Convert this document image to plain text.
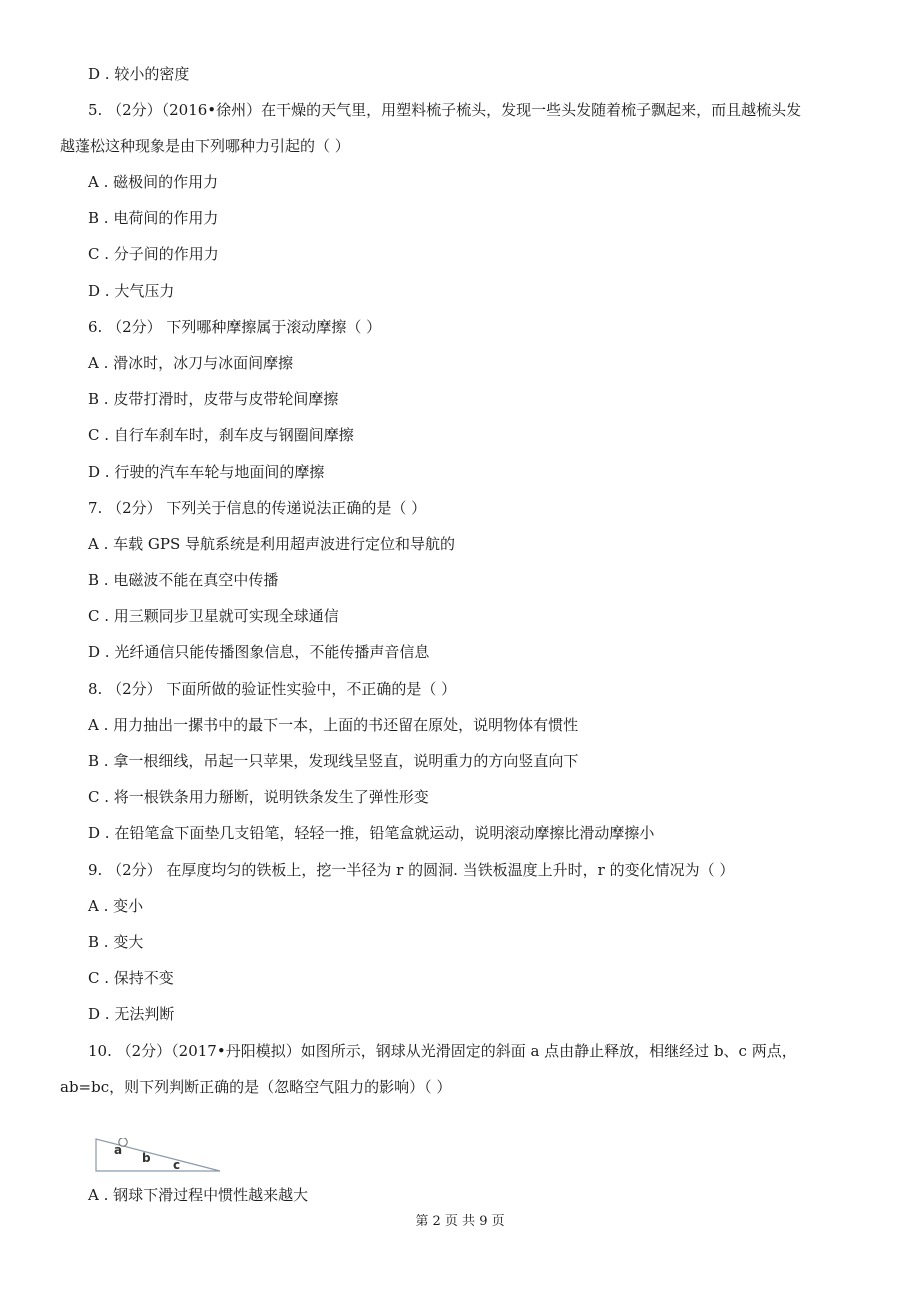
D . 较小的密度
5. （2分）（2016•徐州）在干燥的天气里，用塑料梳子梳头，发现一些头发随着梳子飘起来，而且越梳头发
越蓬松这种现象是由下列哪种力引起的（ ）
A . 磁极间的作用力
B . 电荷间的作用力
C . 分子间的作用力
D . 大气压力
6. （2分） 下列哪种摩擦属于滚动摩擦（ ）
A . 滑冰时，冰刀与冰面间摩擦
B . 皮带打滑时，皮带与皮带轮间摩擦
C . 自行车刹车时，刹车皮与钢圈间摩擦
D . 行驶的汽车车轮与地面间的摩擦
7. （2分） 下列关于信息的传递说法正确的是（ ）
A . 车载 GPS 导航系统是利用超声波进行定位和导航的
B . 电磁波不能在真空中传播
C . 用三颗同步卫星就可实现全球通信
D . 光纤通信只能传播图象信息，不能传播声音信息
8. （2分） 下面所做的验证性实验中，不正确的是（ ）
A . 用力抽出一摞书中的最下一本，上面的书还留在原处，说明物体有惯性
B . 拿一根细线，吊起一只苹果，发现线呈竖直，说明重力的方向竖直向下
C . 将一根铁条用力掰断，说明铁条发生了弹性形变
D . 在铅笔盒下面垫几支铅笔，轻轻一推，铅笔盒就运动，说明滚动摩擦比滑动摩擦小
9. （2分） 在厚度均匀的铁板上，挖一半径为 r 的圆洞. 当铁板温度上升时，r 的变化情况为（ ）
A . 变小
B . 变大
C . 保持不变
D . 无法判断
10. （2分）（2017•丹阳模拟）如图所示，钢球从光滑固定的斜面 a 点由静止释放，相继经过 b、c 两点，
ab=bc，则下列判断正确的是（忽略空气阻力的影响）（ ）
a
b c
A . 钢球下滑过程中惯性越来越大
第 2 页 共 9 页
